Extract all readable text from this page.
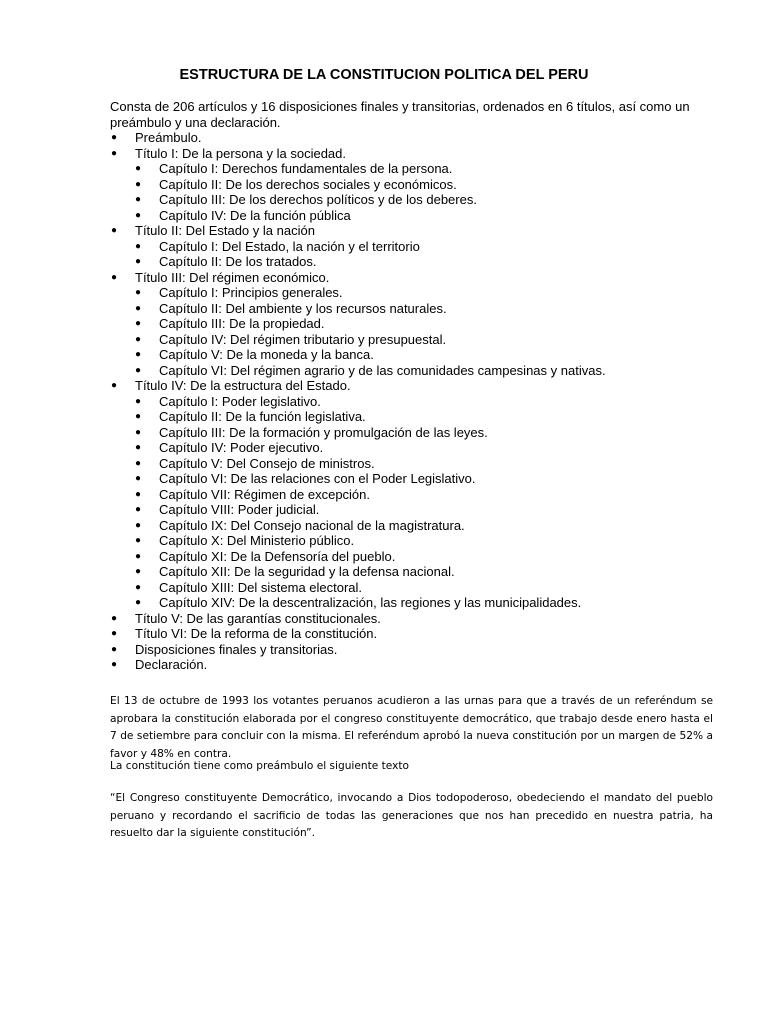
ESTRUCTURA DE LA CONSTITUCION POLITICA DEL PERU

Consta de 206 artículos y 16 disposiciones finales y transitorias, ordenados en 6 títulos, así como un preámbulo y una declaración.

● Preámbulo.
● Título I: De la persona y la sociedad.
● Capítulo I: Derechos fundamentales de la persona.
● Capítulo II: De los derechos sociales y económicos.
● Capítulo III: De los derechos políticos y de los deberes.
● Capítulo IV: De la función pública
● Título II: Del Estado y la nación
● Capítulo I: Del Estado, la nación y el territorio
● Capítulo II: De los tratados.
● Título III: Del régimen económico.
● Capítulo I: Principios generales.
● Capítulo II: Del ambiente y los recursos naturales.
● Capítulo III: De la propiedad.
● Capítulo IV: Del régimen tributario y presupuestal.
● Capítulo V: De la moneda y la banca.
● Capítulo VI: Del régimen agrario y de las comunidades campesinas y nativas.
● Título IV: De la estructura del Estado.
● Capítulo I: Poder legislativo.
● Capítulo II: De la función legislativa.
● Capítulo III: De la formación y promulgación de las leyes.
● Capítulo IV: Poder ejecutivo.
● Capítulo V: Del Consejo de ministros.
● Capítulo VI: De las relaciones con el Poder Legislativo.
● Capítulo VII: Régimen de excepción.
● Capítulo VIII: Poder judicial.
● Capítulo IX: Del Consejo nacional de la magistratura.
● Capítulo X: Del Ministerio público.
● Capítulo XI: De la Defensoría del pueblo.
● Capítulo XII: De la seguridad y la defensa nacional.
● Capítulo XIII: Del sistema electoral.
● Capítulo XIV: De la descentralización, las regiones y las municipalidades.
● Título V: De las garantías constitucionales.
● Título VI: De la reforma de la constitución.
● Disposiciones finales y transitorias.
● Declaración.

El 13 de octubre de 1993 los votantes peruanos acudieron a las urnas para que a través de un referéndum se aprobara la constitución elaborada por el congreso constituyente democrático, que trabajo desde enero hasta el 7 de setiembre para concluir con la misma. El referéndum aprobó la nueva constitución por un margen de 52% a favor y 48% en contra.

La constitución tiene como preámbulo el siguiente texto

“El Congreso constituyente Democrático, invocando a Dios todopoderoso, obedeciendo el mandato del pueblo peruano y recordando el sacrificio de todas las generaciones que nos han precedido en nuestra patria, ha resuelto dar la siguiente constitución”.
